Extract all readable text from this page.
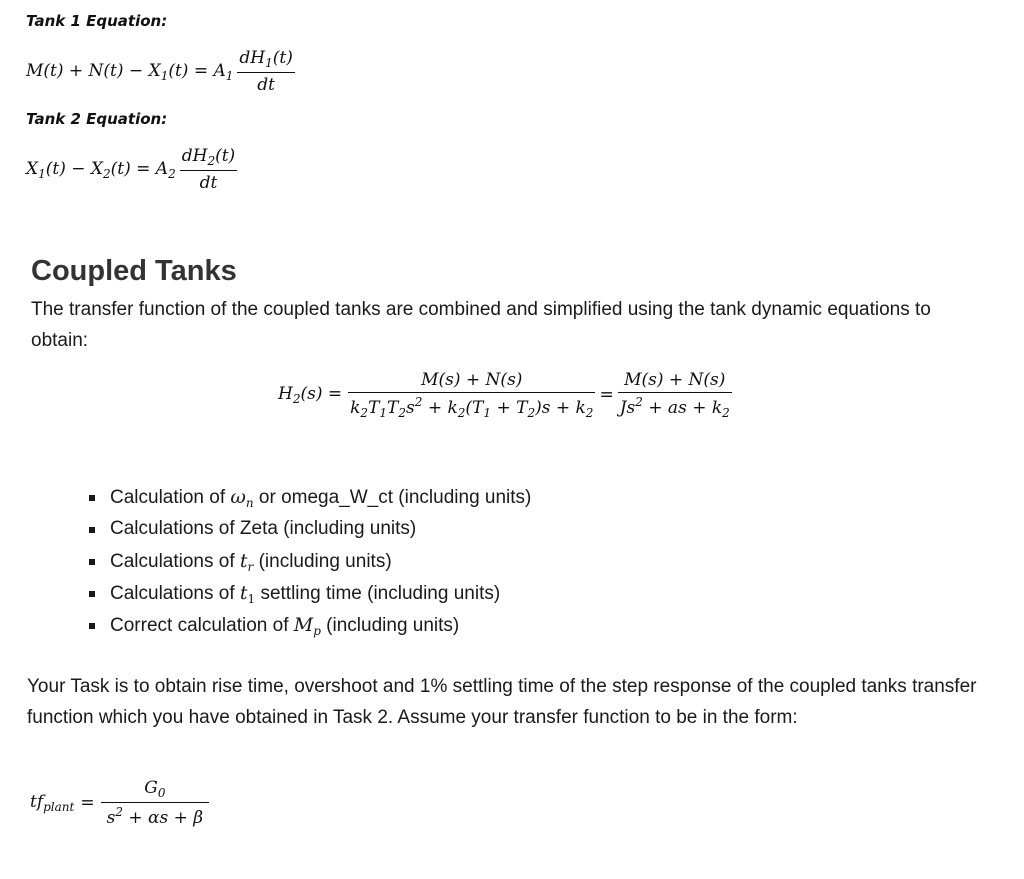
Tank 1 Equation:
$M(t) + N(t) - X_1(t) = A_1 \frac{dH_1(t)}{dt}$
Tank 2 Equation:
$X_1(t) - X_2(t) = A_2 \frac{dH_2(t)}{dt}$
Coupled Tanks
The transfer function of the coupled tanks are combined and simplified using the tank dynamic equations to obtain:
$H_2(s) = \frac{M(s) + N(s)}{k_2T_1T_2s^2 + k_2(T_1 + T_2)s + k_2} = \frac{M(s) + N(s)}{Js^2 + as + k_2}$
Calculation of $\omega_n$ or omega_W_ct (including units)
Calculations of Zeta (including units)
Calculations of $t_r$ (including units)
Calculations of $t_1$ settling time (including units)
Correct calculation of $M_p$ (including units)
Your Task is to obtain rise time, overshoot and 1% settling time of the step response of the coupled tanks transfer function which you have obtained in Task 2. Assume your transfer function to be in the form:
$tf_{plant} = \frac{G_0}{s^2 + \alpha s + \beta}$
